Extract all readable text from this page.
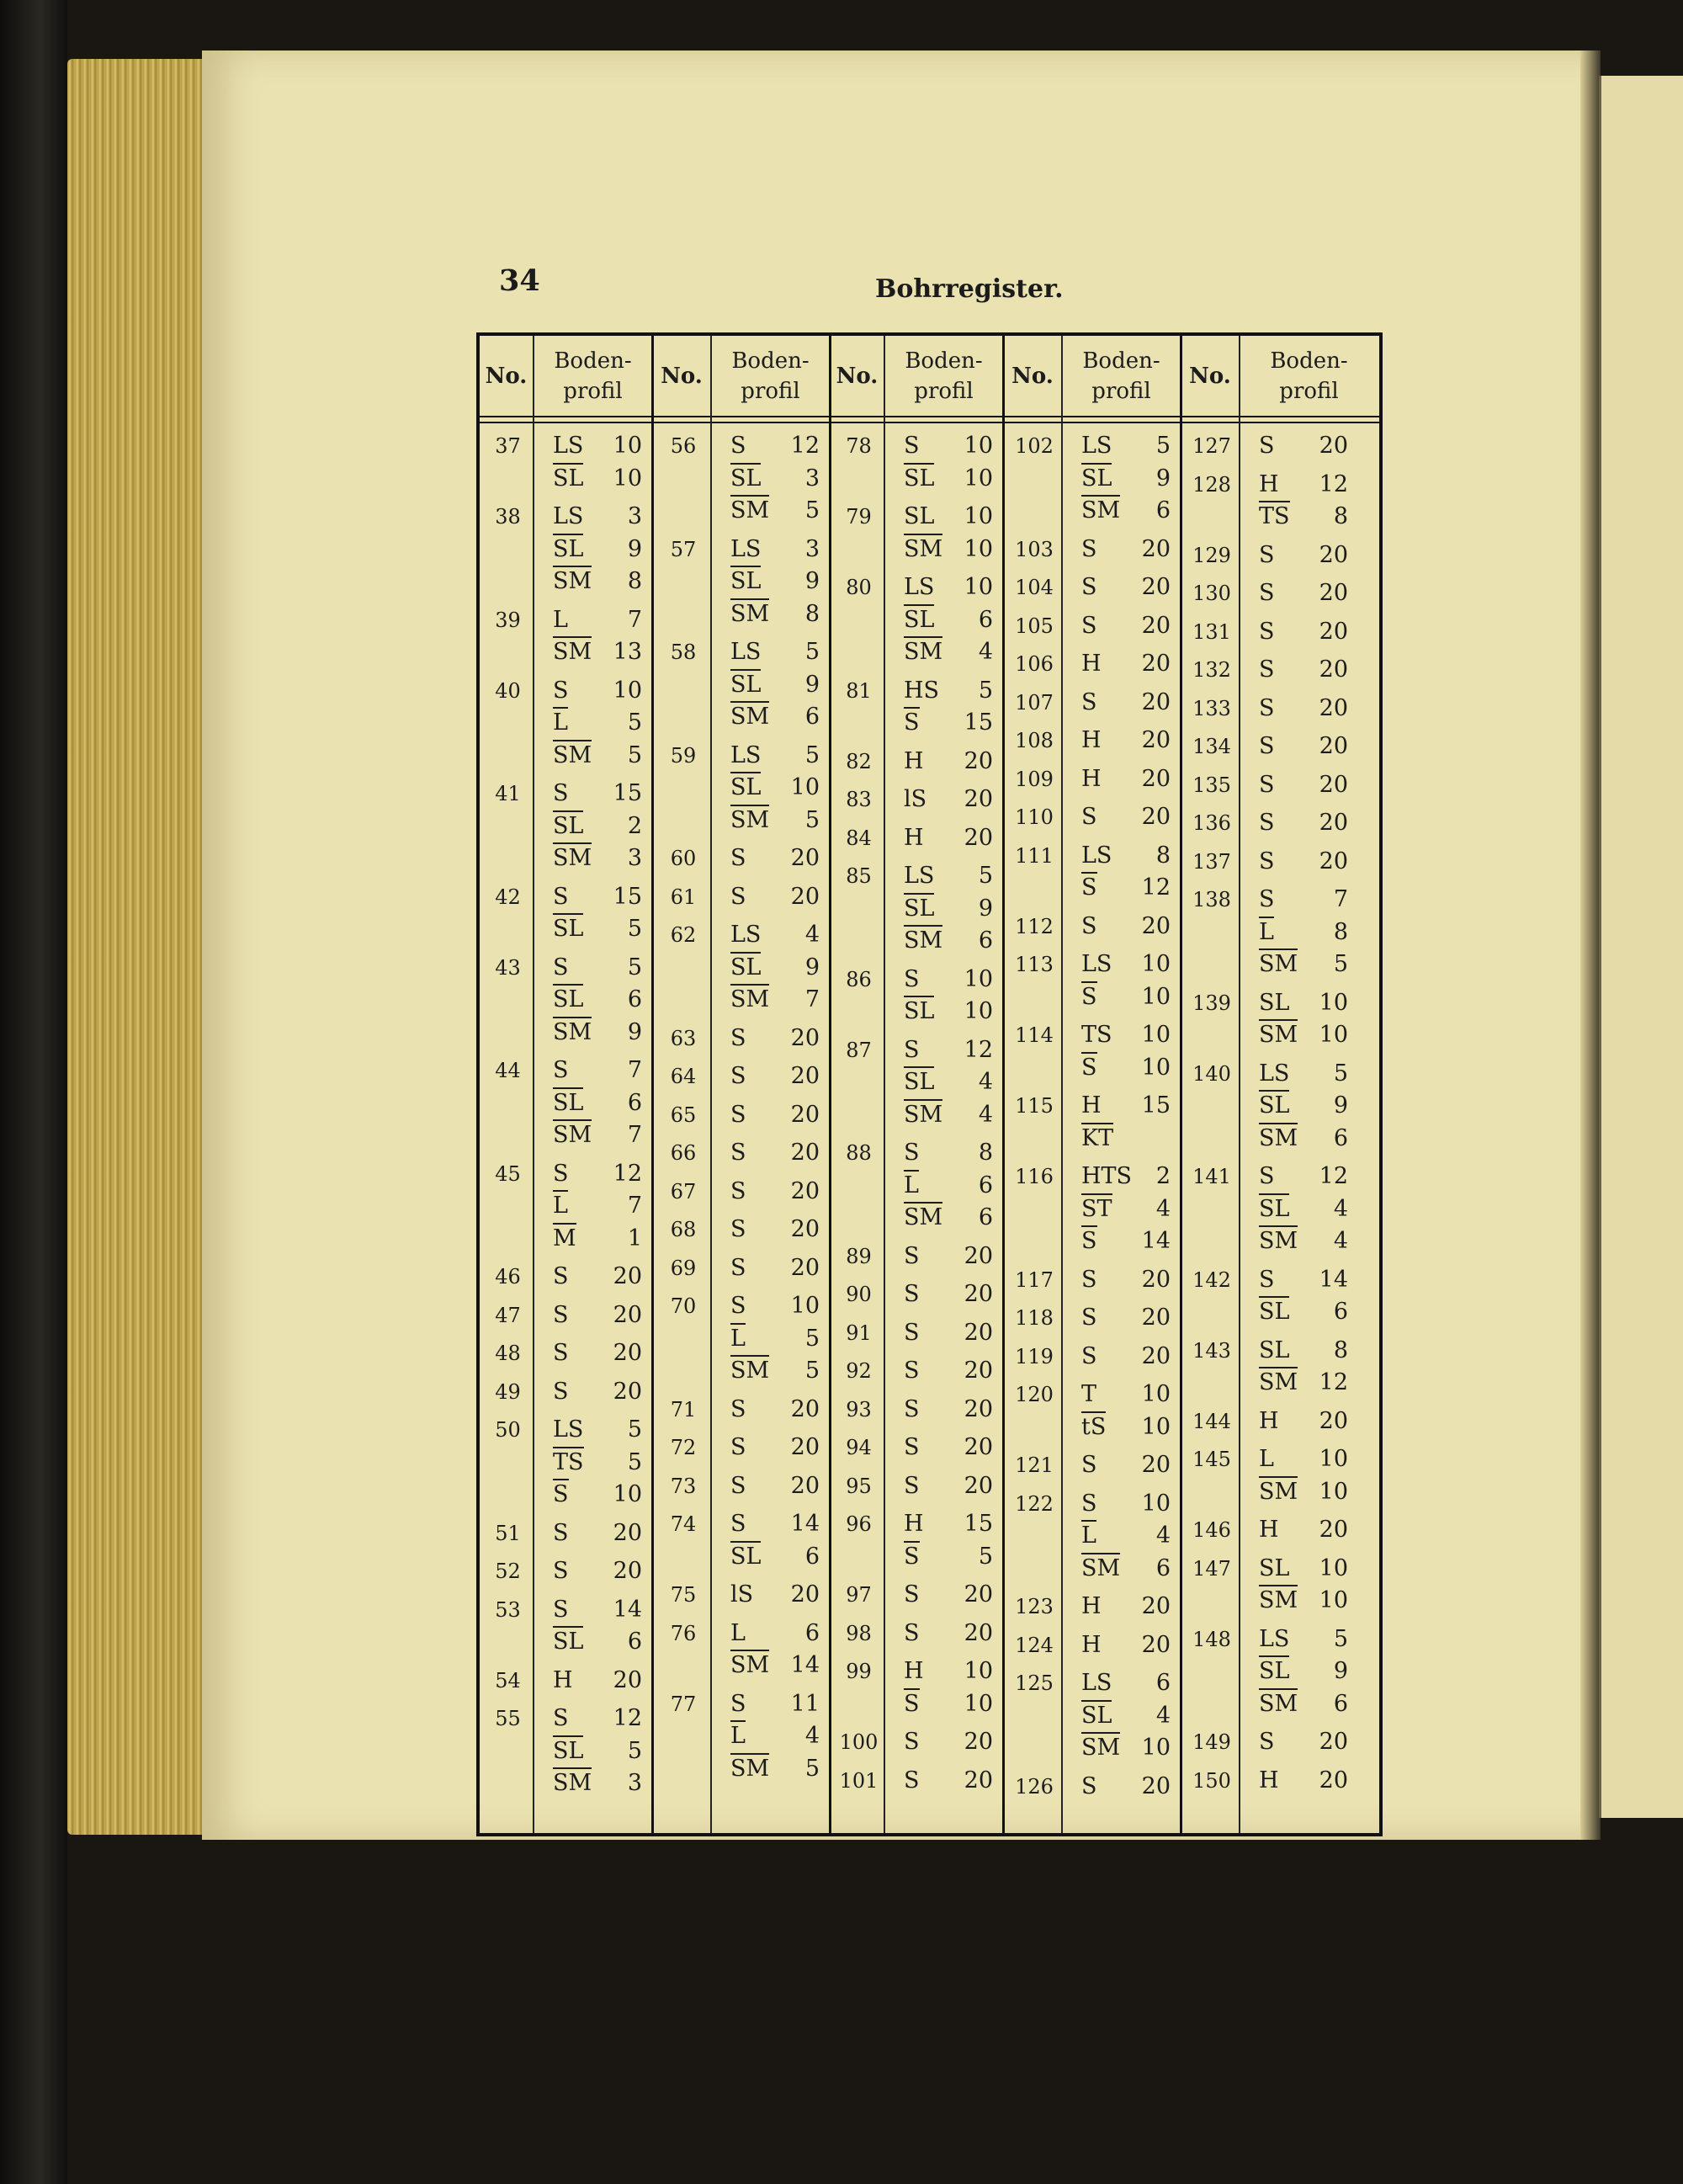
34	Bohrregister.
No.
Boden-
profil
37	LS	10
SL	10
38	LS	3
SL	9
SM	8
39	L	7
SM 13
40	S	10
L	5
SM	5
41	S	15
SL	2
SM	3
42	S	15
SL	5
43	S	5
SL	6
SM	9
44	S	7
SL	6
SM	7
45	S	12
L	7
M	1
46	S	20
47	S	20
48	S	20
49	S	20
50	LS	5
TS	5
S	10
51	S	20
52	S	20
53	S	14
SL	6
54	H	20
55	S	12
SL	5
SM	3
No.
Boden-
profil
56	S	12
SL	3
SM	5
57	LS	3
SL	9
SM	8
58	LS	5
SL	9
SM	6
59	LS	5
SL	10
SM	5
60	S	20
61	S	20
62	LS	4
SL	9
SM	7
63	S	20
64	S	20
65	S	20
66	S	20
67	S	20
68	S	20
69	S	20
70	S	10
L	5
SM	5
71	S	20
72	S	20
73	S	20
74	S	14
SL	6
75	lS	20
76	L	6
SM 14
77	S	11
L	4
SM	5
No.
Boden-
profil
78	S	10
SL	10
79	SL	10
SM 10
80	LS	10
SL	6
SM	4
81	HS	5
S	15
82	H	20
83	lS	20
84	H	20
85	LS	5
SL	9
SM	6
86	S	10
SL	10
87	S	12
SL	4
SM	4
88	S	8
L	6
SM	6
89	S	20
90	S	20
91	S	20
92	S	20
93	S	20
94	S	20
95	S	20
96	H	15
S	5
97	S	20
98	S	20
99	H	10
S	10
100 S	20
101 S	20
No.
Boden-
profil
102 LS	5
SL	9
SM	6
103 S	20
104 S	20
105 S	20
106 H	20
107 S	20
108 H	20
109 H	20
110 S	20
111 LS	8
S	12
112 S	20
113 LS	10
S	10
114 TS	10
S	10
115 H	15
KT
116 HTS	2
ST	4
S	14
117 S	20
118 S	20
119 S	20
120 T	10
tS	10
121 S	20
122 S	10
L	4
SM	6
123 H	20
124 H	20
125 LS	6
SL	4
SM 10
126 S	20
No.
Boden-
profil
127 S	20
128 H	12
TS	8
129 S	20
130 S	20
131 S	20
132 S	20
133 S	20
134 S	20
135 S	20
136 S	20
137 S	20
138 S	7
L	8
SM	5
139 SL	10
SM 10
140 LS	5
SL	9
SM	6
141 S	12
SL	4
SM	4
142 S	14
SL	6
143 SL	8
SM 12
144 H	20
145 L	10
SM 10
146 H	20
147 SL	10
SM 10
148 LS	5
SL	9
SM	6
149 S	20
150 H	20
